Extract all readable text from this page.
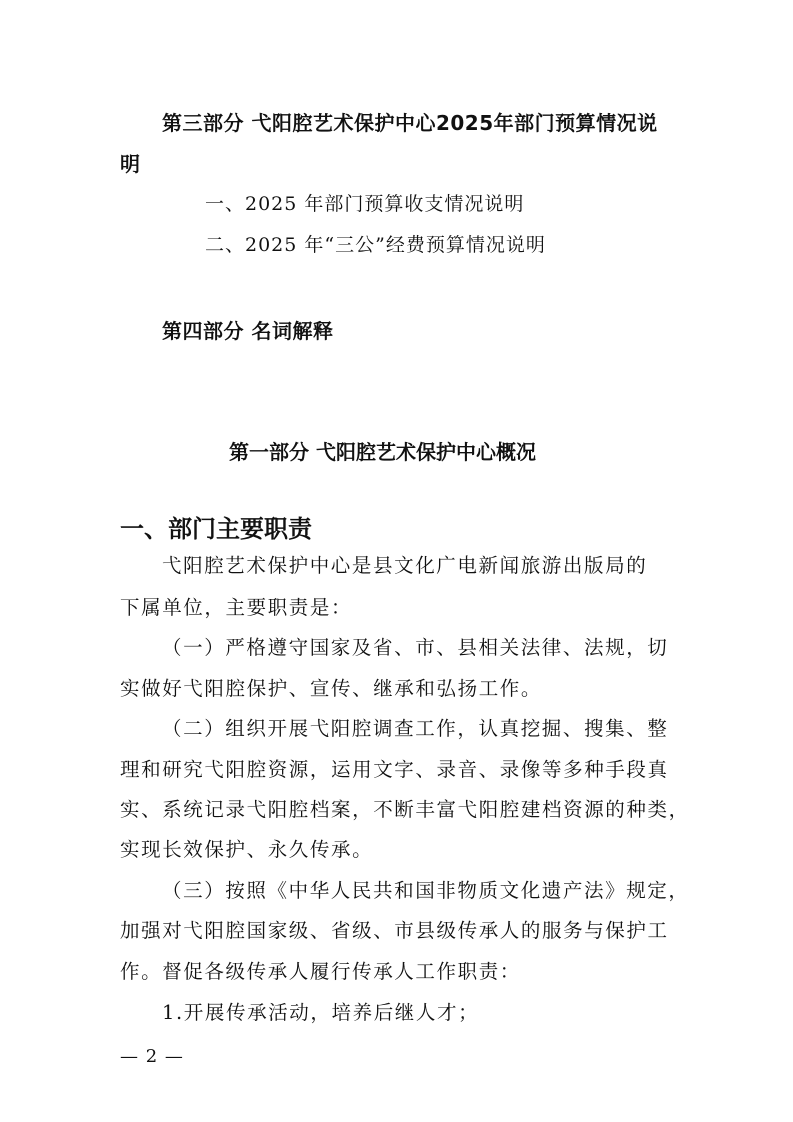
第三部分 弋阳腔艺术保护中心2025年部门预算情况说
明
一、2025 年部门预算收支情况说明
二、2025 年“三公”经费预算情况说明
第四部分 名词解释
第一部分 弋阳腔艺术保护中心概况
一、部门主要职责
弋阳腔艺术保护中心是县文化广电新闻旅游出版局的
下属单位，主要职责是：
（一）严格遵守国家及省、市、县相关法律、法规，切
实做好弋阳腔保护、宣传、继承和弘扬工作。
（二）组织开展弋阳腔调查工作，认真挖掘、搜集、整
理和研究弋阳腔资源，运用文字、录音、录像等多种手段真
实、系统记录弋阳腔档案，不断丰富弋阳腔建档资源的种类，
实现长效保护、永久传承。
（三）按照《中华人民共和国非物质文化遗产法》规定，
加强对弋阳腔国家级、省级、市县级传承人的服务与保护工
作。督促各级传承人履行传承人工作职责：
1.开展传承活动，培养后继人才；
— 2 —
